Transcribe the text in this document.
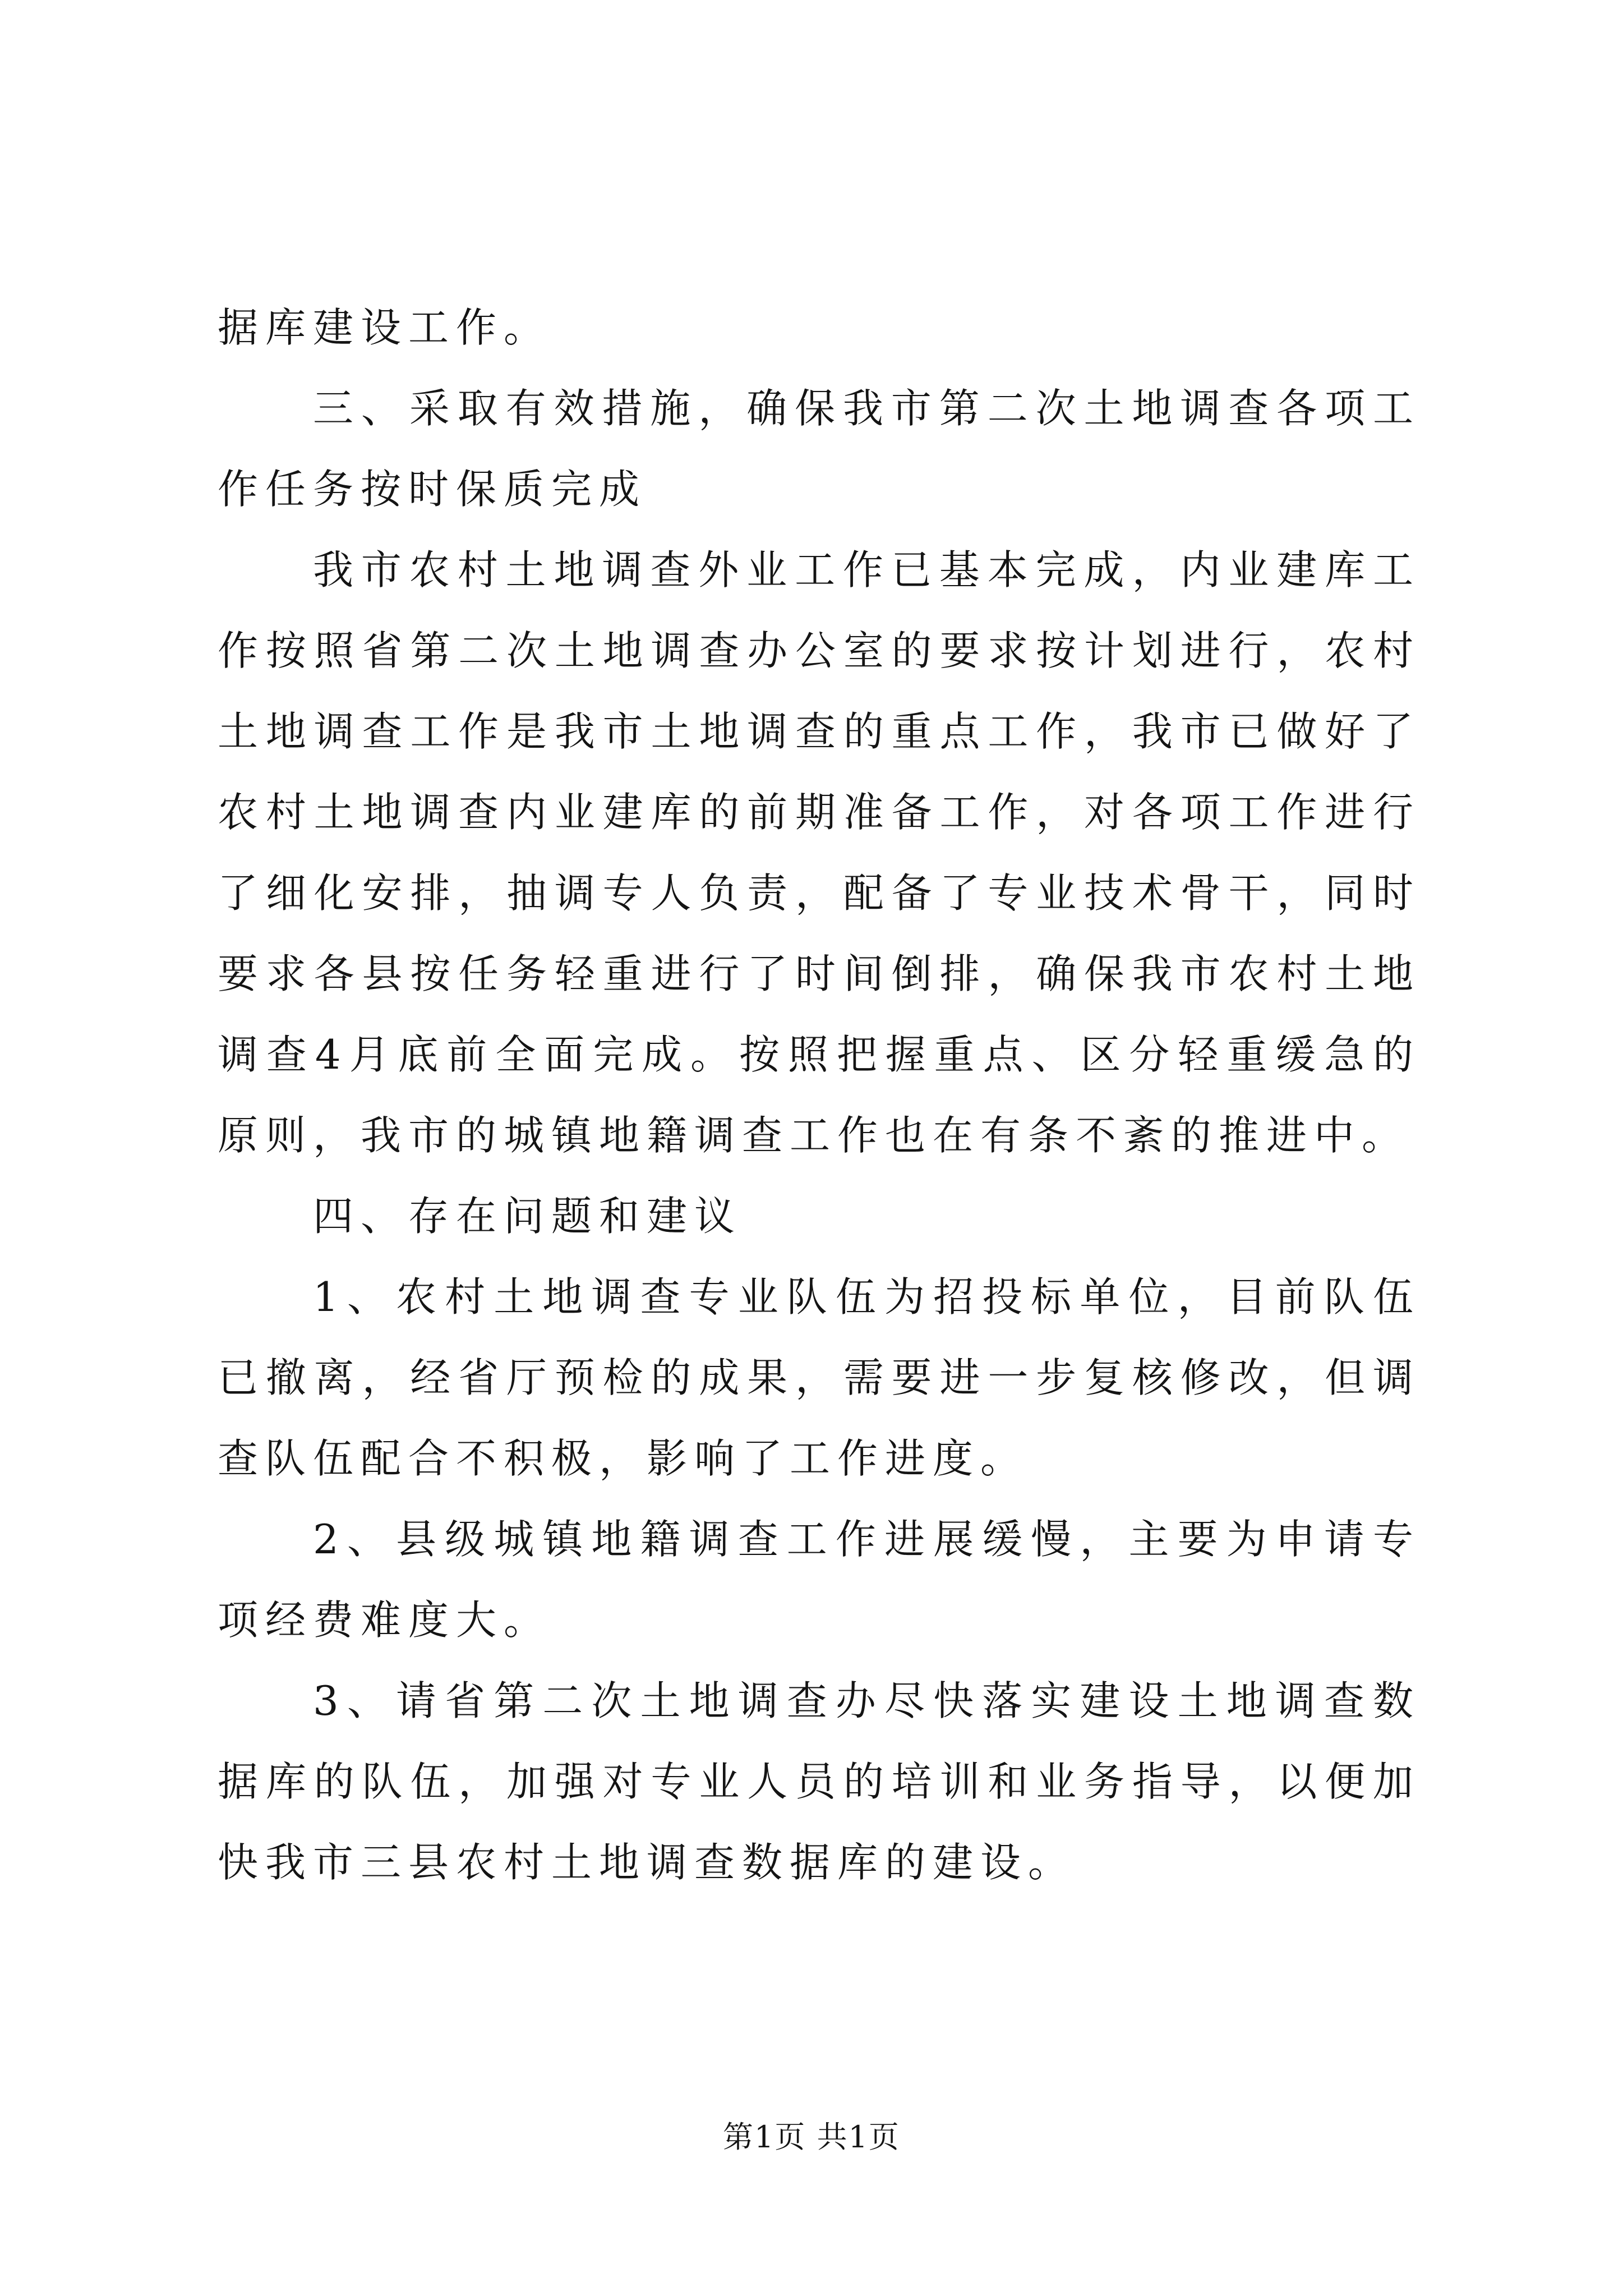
据库建设工作。

三、采取有效措施，确保我市第二次土地调查各项工作任务按时保质完成

我市农村土地调查外业工作已基本完成，内业建库工作按照省第二次土地调查办公室的要求按计划进行，农村土地调查工作是我市土地调查的重点工作，我市已做好了农村土地调查内业建库的前期准备工作，对各项工作进行了细化安排，抽调专人负责，配备了专业技术骨干，同时要求各县按任务轻重进行了时间倒排，确保我市农村土地调查4月底前全面完成。按照把握重点、区分轻重缓急的原则，我市的城镇地籍调查工作也在有条不紊的推进中。

四、存在问题和建议

1、农村土地调查专业队伍为招投标单位，目前队伍已撤离，经省厅预检的成果，需要进一步复核修改，但调查队伍配合不积极，影响了工作进度。

2、县级城镇地籍调查工作进展缓慢，主要为申请专项经费难度大。

3、请省第二次土地调查办尽快落实建设土地调查数据库的队伍，加强对专业人员的培训和业务指导，以便加快我市三县农村土地调查数据库的建设。

第1页 共1页
